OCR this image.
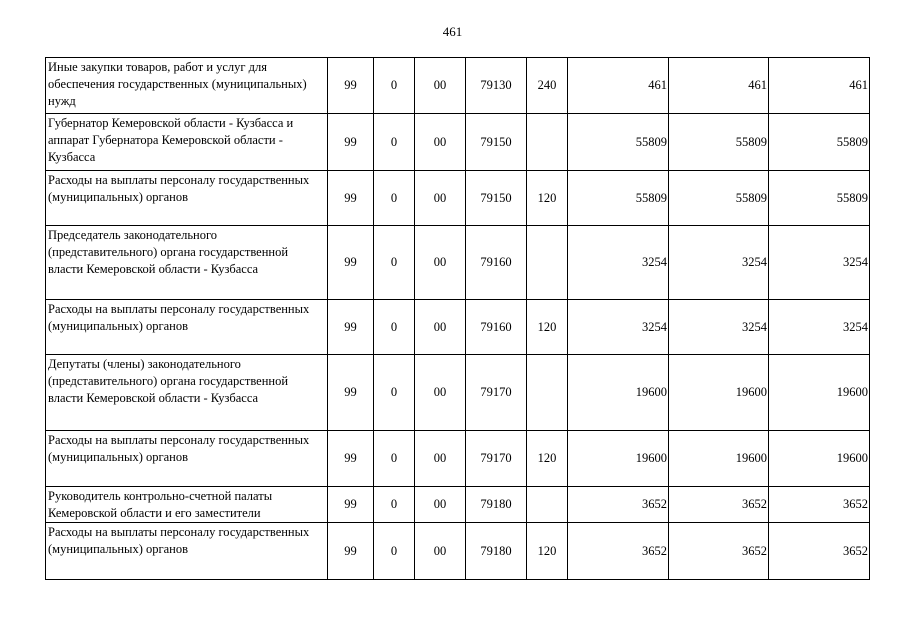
461
Иные закупки товаров, работ и услуг для обеспечения государственных (муниципальных) нужд	99	0	00	79130	240	461	461	461
Губернатор Кемеровской области - Кузбасса и аппарат Губернатора Кемеровской области - Кузбасса	99	0	00	79150		55809	55809	55809
Расходы на выплаты персоналу государственных (муниципальных) органов	99	0	00	79150	120	55809	55809	55809
Председатель законодательного (представительного) органа государственной власти Кемеровской области - Кузбасса	99	0	00	79160		3254	3254	3254
Расходы на выплаты персоналу государственных (муниципальных) органов	99	0	00	79160	120	3254	3254	3254
Депутаты (члены) законодательного (представительного) органа государственной власти Кемеровской области - Кузбасса	99	0	00	79170		19600	19600	19600
Расходы на выплаты персоналу государственных (муниципальных) органов	99	0	00	79170	120	19600	19600	19600
Руководитель контрольно-счетной палаты Кемеровской области и его заместители	99	0	00	79180		3652	3652	3652
Расходы на выплаты персоналу государственных (муниципальных) органов	99	0	00	79180	120	3652	3652	3652
